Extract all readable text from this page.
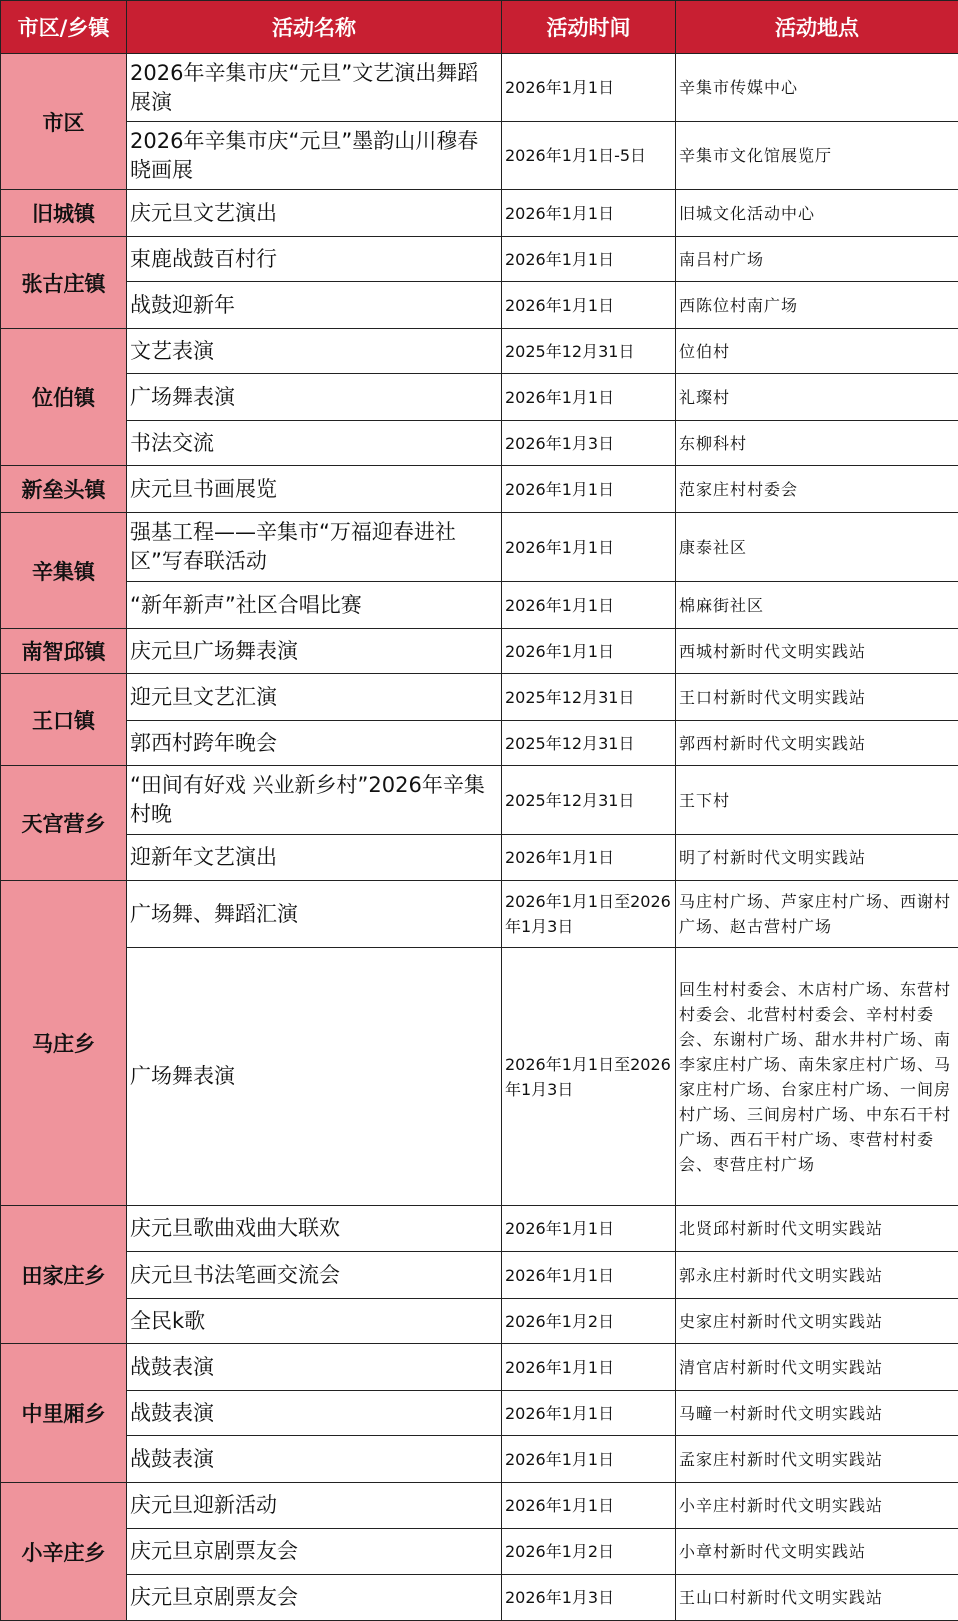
市区/乡镇	活动名称	活动时间	活动地点
市区	2026年辛集市庆“元旦”文艺演出舞蹈展演	2026年1月1日	辛集市传媒中心
	2026年辛集市庆“元旦”墨韵山川穆春晓画展	2026年1月1日-5日	辛集市文化馆展览厅
旧城镇	庆元旦文艺演出	2026年1月1日	旧城文化活动中心
张古庄镇	束鹿战鼓百村行	2026年1月1日	南吕村广场
	战鼓迎新年	2026年1月1日	西陈位村南广场
位伯镇	文艺表演	2025年12月31日	位伯村
	广场舞表演	2026年1月1日	礼璨村
	书法交流	2026年1月3日	东柳科村
新垒头镇	庆元旦书画展览	2026年1月1日	范家庄村村委会
辛集镇	强基工程——辛集市“万福迎春进社区”写春联活动	2026年1月1日	康泰社区
	“新年新声”社区合唱比赛	2026年1月1日	棉麻街社区
南智邱镇	庆元旦广场舞表演	2026年1月1日	西城村新时代文明实践站
王口镇	迎元旦文艺汇演	2025年12月31日	王口村新时代文明实践站
	郭西村跨年晚会	2025年12月31日	郭西村新时代文明实践站
天宫营乡	“田间有好戏 兴业新乡村”2026年辛集村晚	2025年12月31日	王下村
	迎新年文艺演出	2026年1月1日	明了村新时代文明实践站
马庄乡	广场舞、舞蹈汇演	2026年1月1日至2026年1月3日	马庄村广场、芦家庄村广场、西谢村广场、赵古营村广场
	广场舞表演	2026年1月1日至2026年1月3日	回生村村委会、木店村广场、东营村村委会、北营村村委会、辛村村委会、东谢村广场、甜水井村广场、南李家庄村广场、南朱家庄村广场、马家庄村广场、台家庄村广场、一间房村广场、三间房村广场、中东石干村广场、西石干村广场、枣营村村委会、枣营庄村广场
田家庄乡	庆元旦歌曲戏曲大联欢	2026年1月1日	北贤邱村新时代文明实践站
	庆元旦书法笔画交流会	2026年1月1日	郭永庄村新时代文明实践站
	全民k歌	2026年1月2日	史家庄村新时代文明实践站
中里厢乡	战鼓表演	2026年1月1日	清官店村新时代文明实践站
	战鼓表演	2026年1月1日	马疃一村新时代文明实践站
	战鼓表演	2026年1月1日	孟家庄村新时代文明实践站
小辛庄乡	庆元旦迎新活动	2026年1月1日	小辛庄村新时代文明实践站
	庆元旦京剧票友会	2026年1月2日	小章村新时代文明实践站
	庆元旦京剧票友会	2026年1月3日	王山口村新时代文明实践站
